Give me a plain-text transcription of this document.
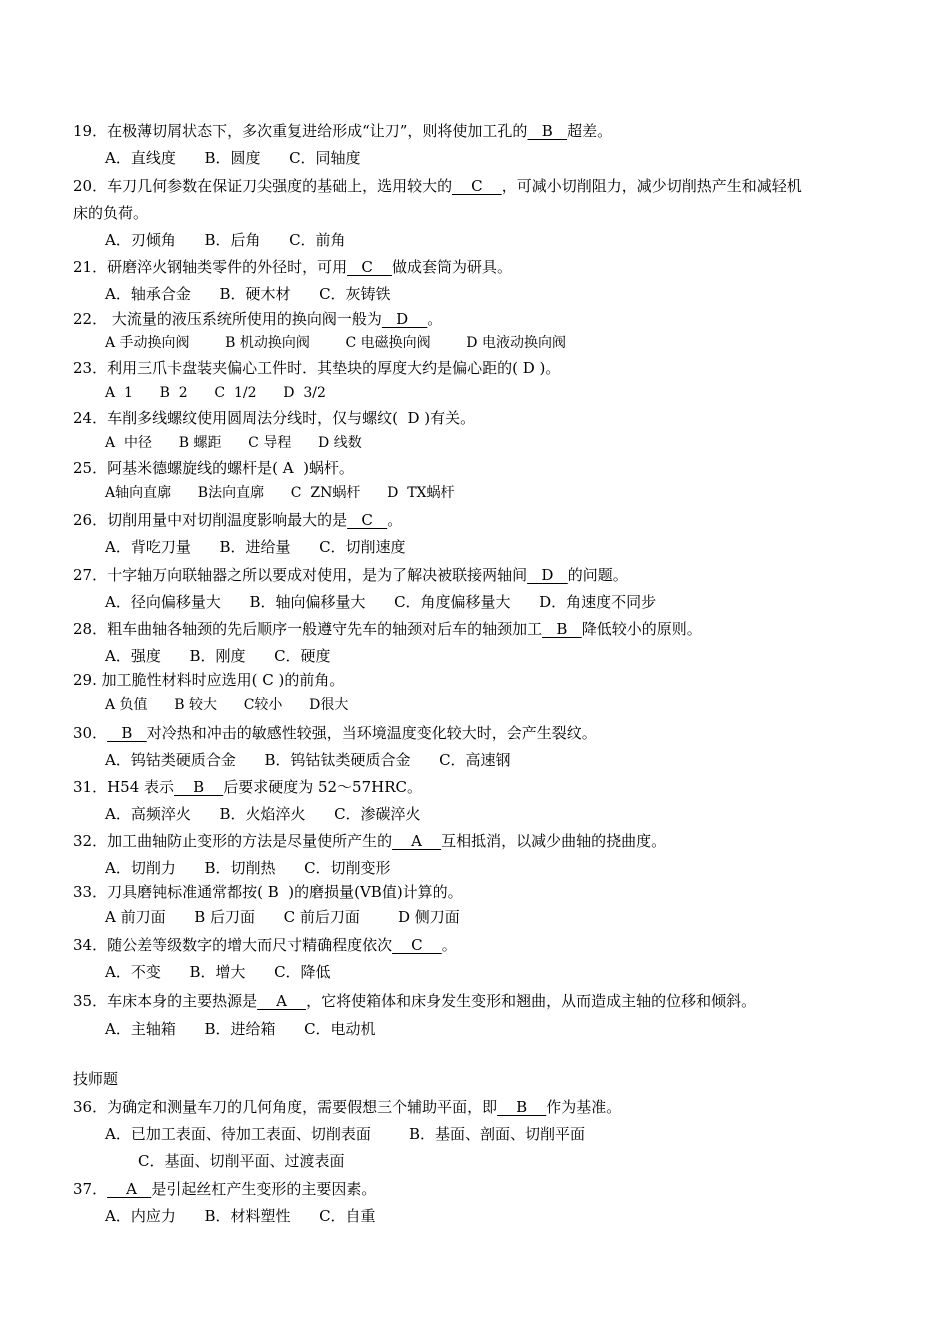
19．在极薄切屑状态下，多次重复进给形成“让刀”，则将使加工孔的   B   超差。
A．直线度      B．圆度      C．同轴度
20．车刀几何参数在保证刀尖强度的基础上，选用较大的    C    ，可减小切削阻力，减少切削热产生和减轻机
床的负荷。
A．刃倾角      B．后角      C．前角
21．研磨淬火钢轴类零件的外径时，可用   C    做成套筒为研具。
A．轴承合金      B．硬木材      C．灰铸铁
22． 大流量的液压系统所使用的换向阀一般为   D    。
A 手动换向阀        B 机动换向阀        C 电磁换向阀        D 电液动换向阀
23．利用三爪卡盘装夹偏心工件时．其垫块的厚度大约是偏心距的( D )。
A  1      B  2      C  1/2      D  3/2
24．车削多线螺纹使用圆周法分线时，仅与螺纹(  D )有关。
A  中径      B 螺距      C 导程      D 线数
25．阿基米德螺旋线的螺杆是( A  )蜗杆。
A轴向直廓      B法向直廓      C  ZN蜗杆      D  TX蜗杆
26．切削用量中对切削温度影响最大的是   C   。
A．背吃刀量      B．进给量      C．切削速度
27．十字轴万向联轴器之所以要成对使用，是为了解决被联接两轴间   D   的问题。
A．径向偏移量大      B．轴向偏移量大      C．角度偏移量大      D．角速度不同步
28．粗车曲轴各轴颈的先后顺序一般遵守先车的轴颈对后车的轴颈加工   B   降低较小的原则。
A．强度      B．刚度      C．硬度
29. 加工脆性材料时应选用( C )的前角。
A 负值      B 较大      C较小      D很大
30．   B   对冷热和冲击的敏感性较强，当环境温度变化较大时，会产生裂纹。
A．钨钴类硬质合金      B．钨钴钛类硬质合金      C．高速钢
31．H54 表示    B    后要求硬度为 52～57HRC。
A．高频淬火      B．火焰淬火      C．渗碳淬火
32．加工曲轴防止变形的方法是尽量使所产生的    A    互相抵消，以减少曲轴的挠曲度。
A．切削力      B．切削热      C．切削变形
33．刀具磨钝标准通常都按( B  )的磨损量(VB值)计算的。
A 前刀面      B 后刀面      C 前后刀面        D 侧刀面
34．随公差等级数字的增大而尺寸精确程度依次    C    。
A．不变      B．增大      C．降低
35．车床本身的主要热源是    A    ，它将使箱体和床身发生变形和翘曲，从而造成主轴的位移和倾斜。
A．主轴箱      B．进给箱      C．电动机
技师题
36．为确定和测量车刀的几何角度，需要假想三个辅助平面，即    B    作为基准。
A．已加工表面、待加工表面、切削表面        B．基面、剖面、切削平面
C．基面、切削平面、过渡表面
37．    A   是引起丝杠产生变形的主要因素。
A．内应力      B．材料塑性      C．自重
